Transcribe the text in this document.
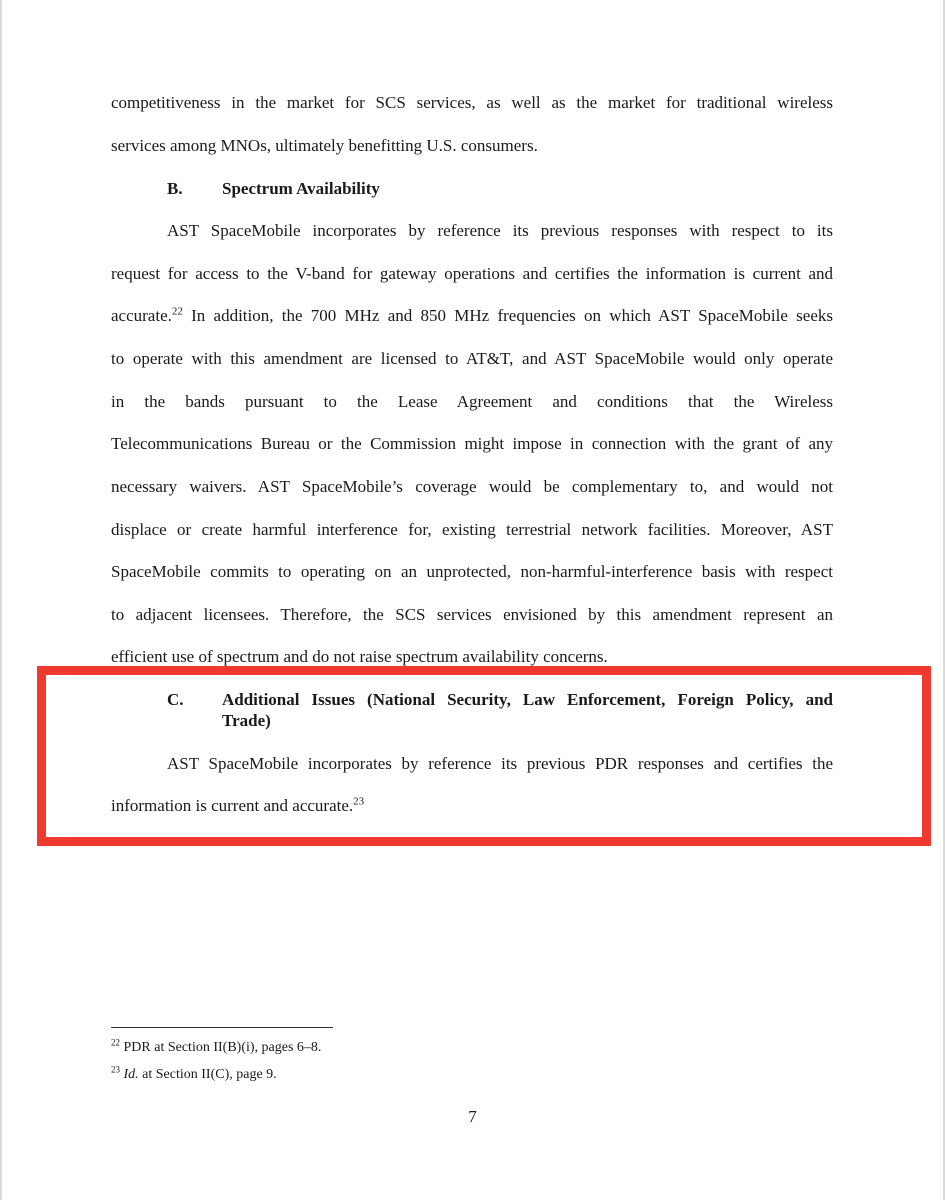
competitiveness in the market for SCS services, as well as the market for traditional wireless
services among MNOs, ultimately benefitting U.S. consumers.
B. Spectrum Availability
AST SpaceMobile incorporates by reference its previous responses with respect to its
request for access to the V-band for gateway operations and certifies the information is current and
accurate.$^{22}$ In addition, the 700 MHz and 850 MHz frequencies on which AST SpaceMobile seeks
to operate with this amendment are licensed to AT&T, and AST SpaceMobile would only operate
in the bands pursuant to the Lease Agreement and conditions that the Wireless
Telecommunications Bureau or the Commission might impose in connection with the grant of any
necessary waivers. AST SpaceMobile’s coverage would be complementary to, and would not
displace or create harmful interference for, existing terrestrial network facilities. Moreover, AST
SpaceMobile commits to operating on an unprotected, non-harmful-interference basis with respect
to adjacent licensees. Therefore, the SCS services envisioned by this amendment represent an
efficient use of spectrum and do not raise spectrum availability concerns.
C. Additional Issues (National Security, Law Enforcement, Foreign Policy, and
Trade)
AST SpaceMobile incorporates by reference its previous PDR responses and certifies the
information is current and accurate.$^{23}$
$^{22}$ PDR at Section II(B)(i), pages 6–8.
$^{23}$ Id. at Section II(C), page 9.
7
